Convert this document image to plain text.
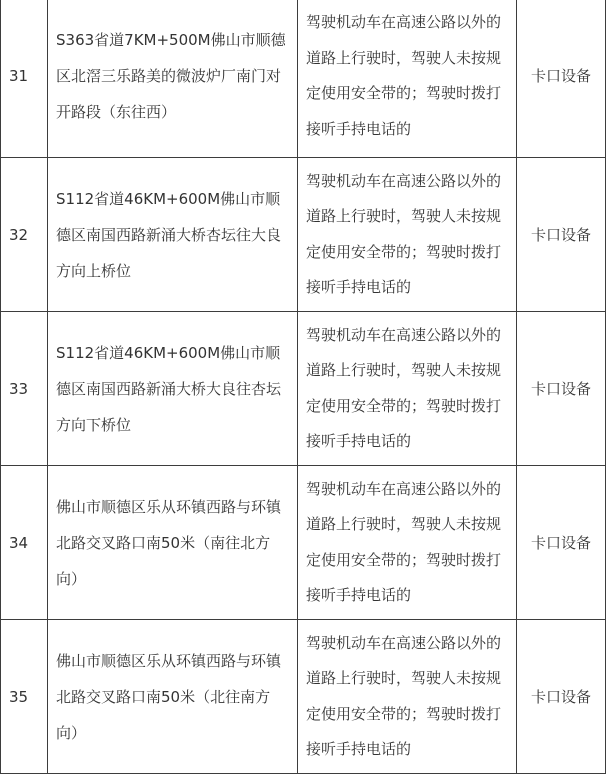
31	S363省道7KM+500M佛山市顺德区北滘三乐路美的微波炉厂南门对开路段（东往西）	驾驶机动车在高速公路以外的道路上行驶时，驾驶人未按规定使用安全带的；驾驶时拨打接听手持电话的	卡口设备

32	S112省道46KM+600M佛山市顺德区南国西路新涌大桥杏坛往大良方向上桥位	驾驶机动车在高速公路以外的道路上行驶时，驾驶人未按规定使用安全带的；驾驶时拨打接听手持电话的	卡口设备

33	S112省道46KM+600M佛山市顺德区南国西路新涌大桥大良往杏坛方向下桥位	驾驶机动车在高速公路以外的道路上行驶时，驾驶人未按规定使用安全带的；驾驶时拨打接听手持电话的	卡口设备

34	佛山市顺德区乐从环镇西路与环镇北路交叉路口南50米（南往北方向）	驾驶机动车在高速公路以外的道路上行驶时，驾驶人未按规定使用安全带的；驾驶时拨打接听手持电话的	卡口设备

35	佛山市顺德区乐从环镇西路与环镇北路交叉路口南50米（北往南方向）	驾驶机动车在高速公路以外的道路上行驶时，驾驶人未按规定使用安全带的；驾驶时拨打接听手持电话的	卡口设备
